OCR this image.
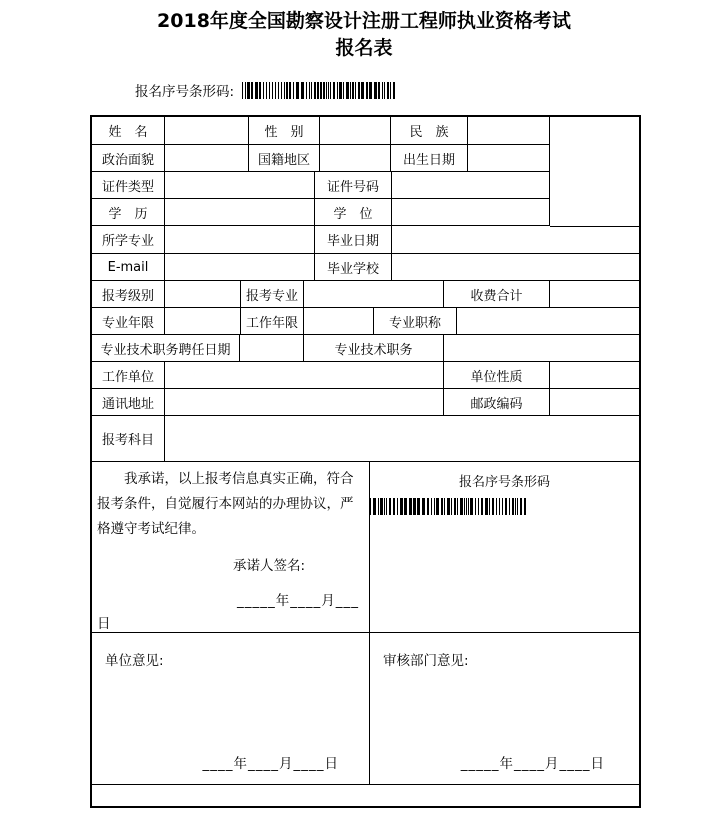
2018年度全国勘察设计注册工程师执业资格考试
报名表
报名序号条形码:
姓　名	性　别	民　族
政治面貌	国籍地区	出生日期
证件类型	证件号码
学　历	学　位
所学专业	毕业日期
E-mail	毕业学校
报考级别	报考专业	收费合计
专业年限	工作年限	专业职称
专业技术职务聘任日期	专业技术职务
工作单位	单位性质
通讯地址	邮政编码
报考科目
我承诺，以上报考信息真实正确，符合报考条件，自觉履行本网站的办理协议，严格遵守考试纪律。
承诺人签名:
_____年____月___
日
报名序号条形码
单位意见:
____年____月____日
审核部门意见:
_____年____月____日
